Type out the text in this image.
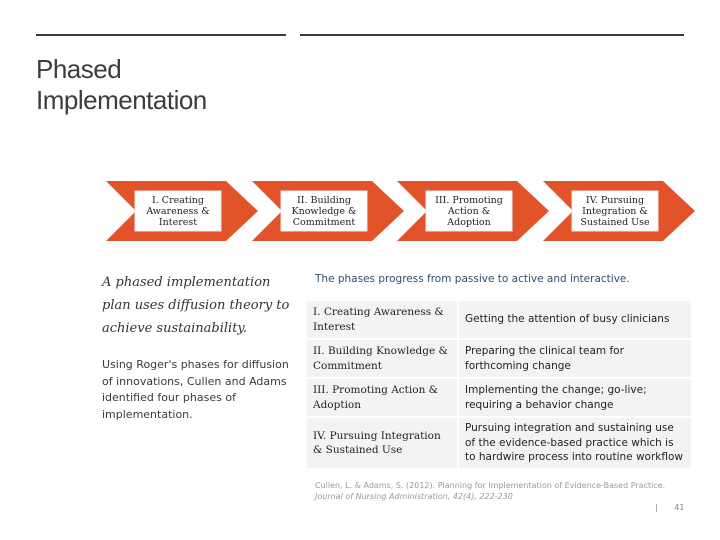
Phased
Implementation
I. Creating Awareness & Interest
II. Building Knowledge & Commitment
III. Promoting Action & Adoption
IV. Pursuing Integration & Sustained Use
A phased implementation plan uses diffusion theory to achieve sustainability.
Using Roger's phases for diffusion of innovations, Cullen and Adams identified four phases of implementation.
The phases progress from passive to active and interactive.
I. Creating Awareness & Interest	Getting the attention of busy clinicians
II. Building Knowledge & Commitment	Preparing the clinical team for forthcoming change
III. Promoting Action & Adoption	Implementing the change; go-live; requiring a behavior change
IV. Pursuing Integration & Sustained Use	Pursuing integration and sustaining use of the evidence-based practice which is to hardwire process into routine workflow
Cullen, L. & Adams, S. (2012). Planning for Implementation of Evidence-Based Practice.
Journal of Nursing Administration, 42(4), 222-230
| 41
